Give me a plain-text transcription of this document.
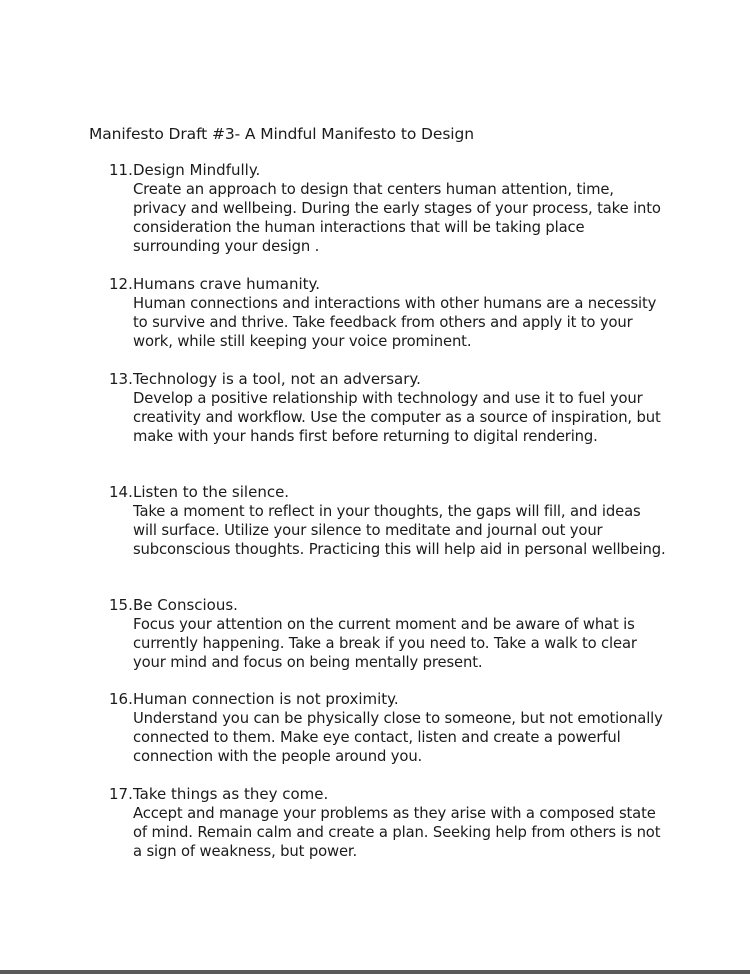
Manifesto Draft #3- A Mindful Manifesto to Design
11. Design Mindfully.

Create an approach to design that centers human attention, time, privacy and wellbeing. During the early stages of your process, take into consideration the human interactions that will be taking place surrounding your design .

12. Humans crave humanity.

Human connections and interactions with other humans are a necessity to survive and thrive. Take feedback from others and apply it to your work, while still keeping your voice prominent.

13. Technology is a tool, not an adversary.

Develop a positive relationship with technology and use it to fuel your creativity and workflow. Use the computer as a source of inspiration, but make with your hands first before returning to digital rendering.

14. Listen to the silence.

Take a moment to reflect in your thoughts, the gaps will fill, and ideas will surface. Utilize your silence to meditate and journal out your subconscious thoughts. Practicing this will help aid in personal wellbeing.

15. Be Conscious.

Focus your attention on the current moment and be aware of what is currently happening. Take a break if you need to. Take a walk to clear your mind and focus on being mentally present.

16. Human connection is not proximity.

Understand you can be physically close to someone, but not emotionally connected to them. Make eye contact, listen and create a powerful connection with the people around you.

17. Take things as they come.

Accept and manage your problems as they arise with a composed state of mind. Remain calm and create a plan. Seeking help from others is not a sign of weakness, but power.
